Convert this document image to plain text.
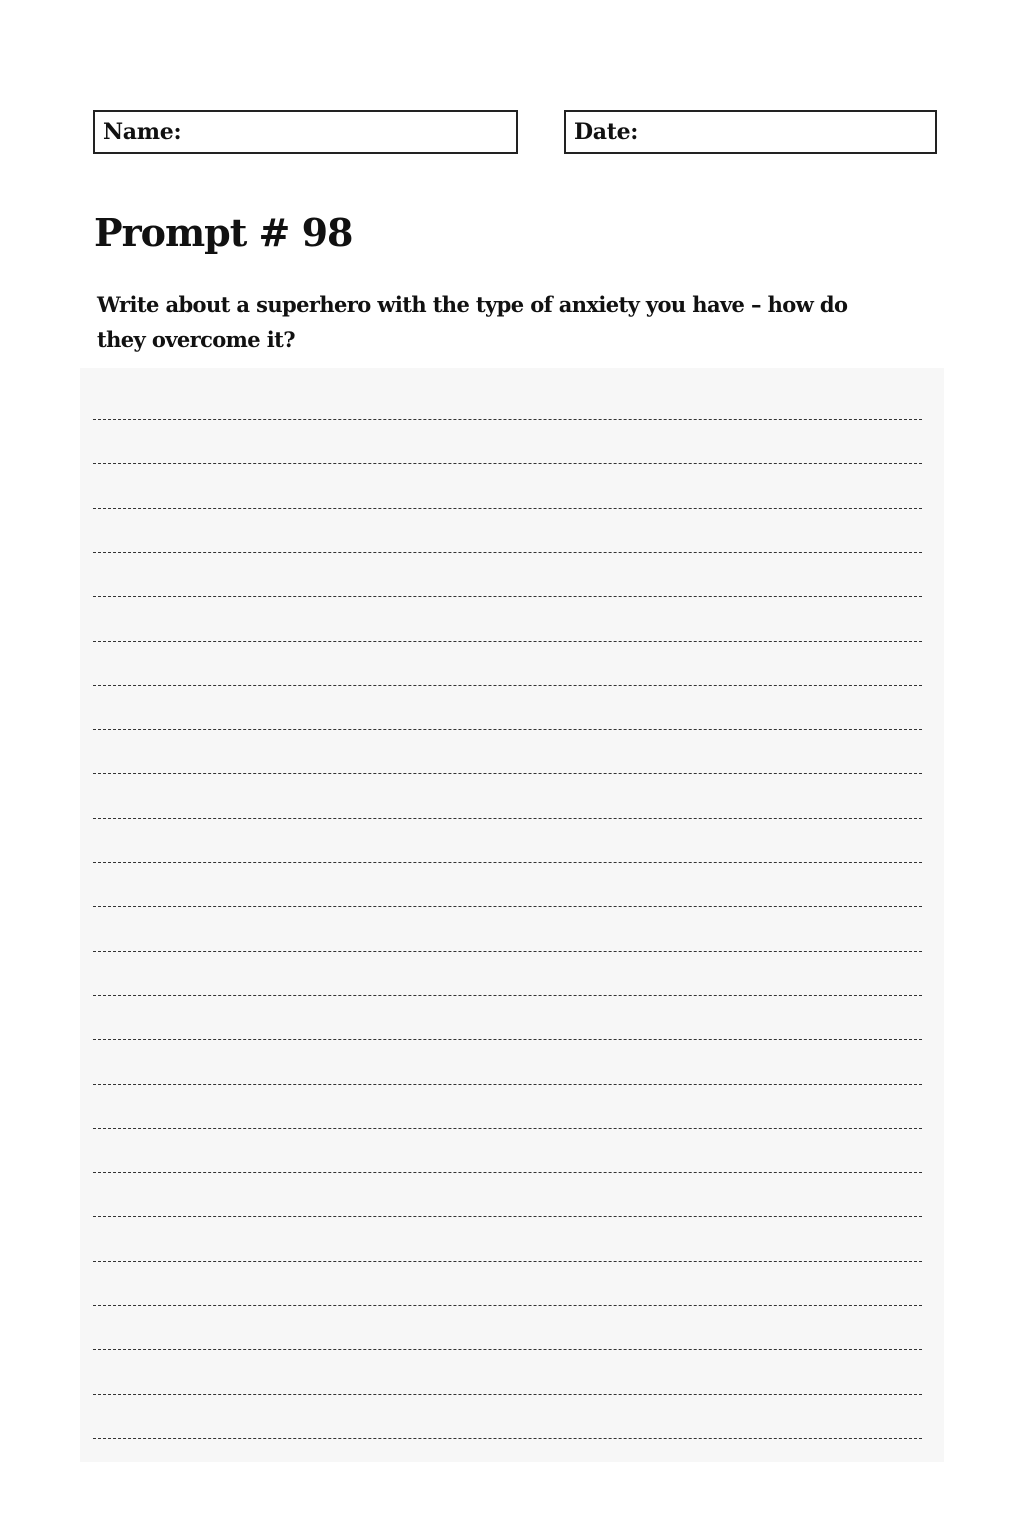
Name:	Date:
Prompt # 98

Write about a superhero with the type of anxiety you have – how do they overcome it?
